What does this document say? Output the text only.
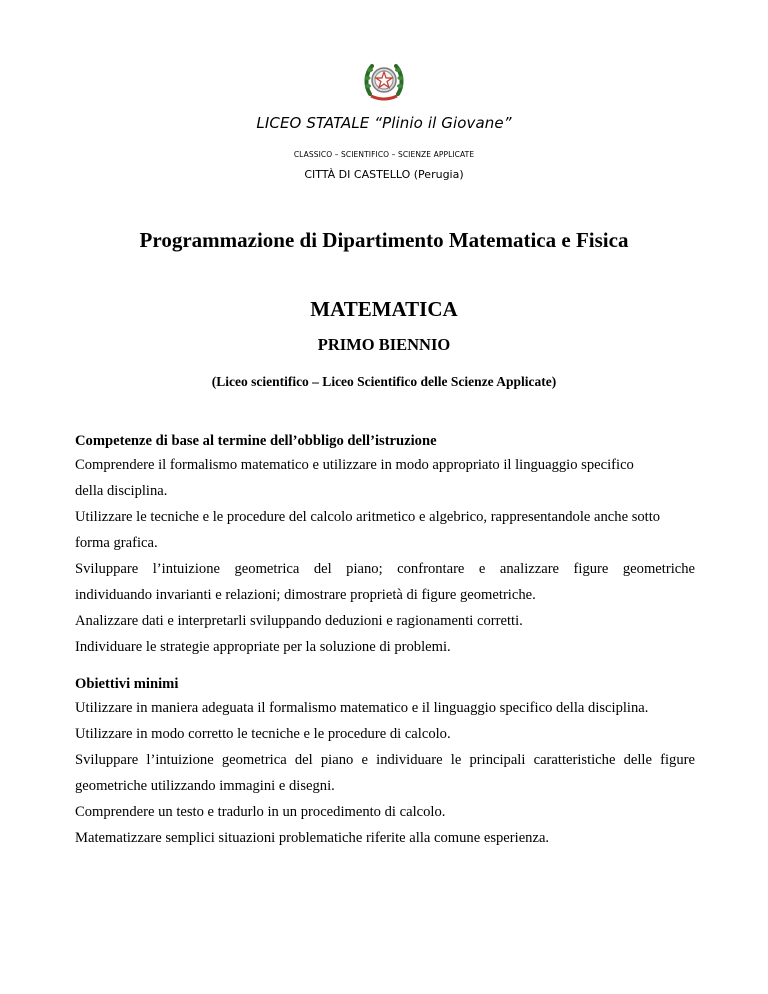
LICEO STATALE “Plinio il Giovane”
CLASSICO – SCIENTIFICO – SCIENZE APPLICATE
CITTÀ DI CASTELLO (Perugia)
Programmazione di Dipartimento Matematica e Fisica
MATEMATICA
PRIMO BIENNIO
(Liceo scientifico – Liceo Scientifico delle Scienze Applicate)
Competenze di base al termine dell’obbligo dell’istruzione
Comprendere il formalismo matematico e utilizzare in modo appropriato il linguaggio specifico
della disciplina.
Utilizzare le tecniche e le procedure del calcolo aritmetico e algebrico, rappresentandole anche sotto
forma grafica.
Sviluppare l’intuizione geometrica del piano; confrontare e analizzare figure geometriche
individuando invarianti e relazioni; dimostrare proprietà di figure geometriche.
Analizzare dati e interpretarli sviluppando deduzioni e ragionamenti corretti.
Individuare le strategie appropriate per la soluzione di problemi.
Obiettivi minimi
Utilizzare in maniera adeguata il formalismo matematico e il linguaggio specifico della disciplina.
Utilizzare in modo corretto le tecniche e le procedure di calcolo.
Sviluppare l’intuizione geometrica del piano e individuare le principali caratteristiche delle figure
geometriche utilizzando immagini e disegni.
Comprendere un testo e tradurlo in un procedimento di calcolo.
Matematizzare semplici situazioni problematiche riferite alla comune esperienza.
